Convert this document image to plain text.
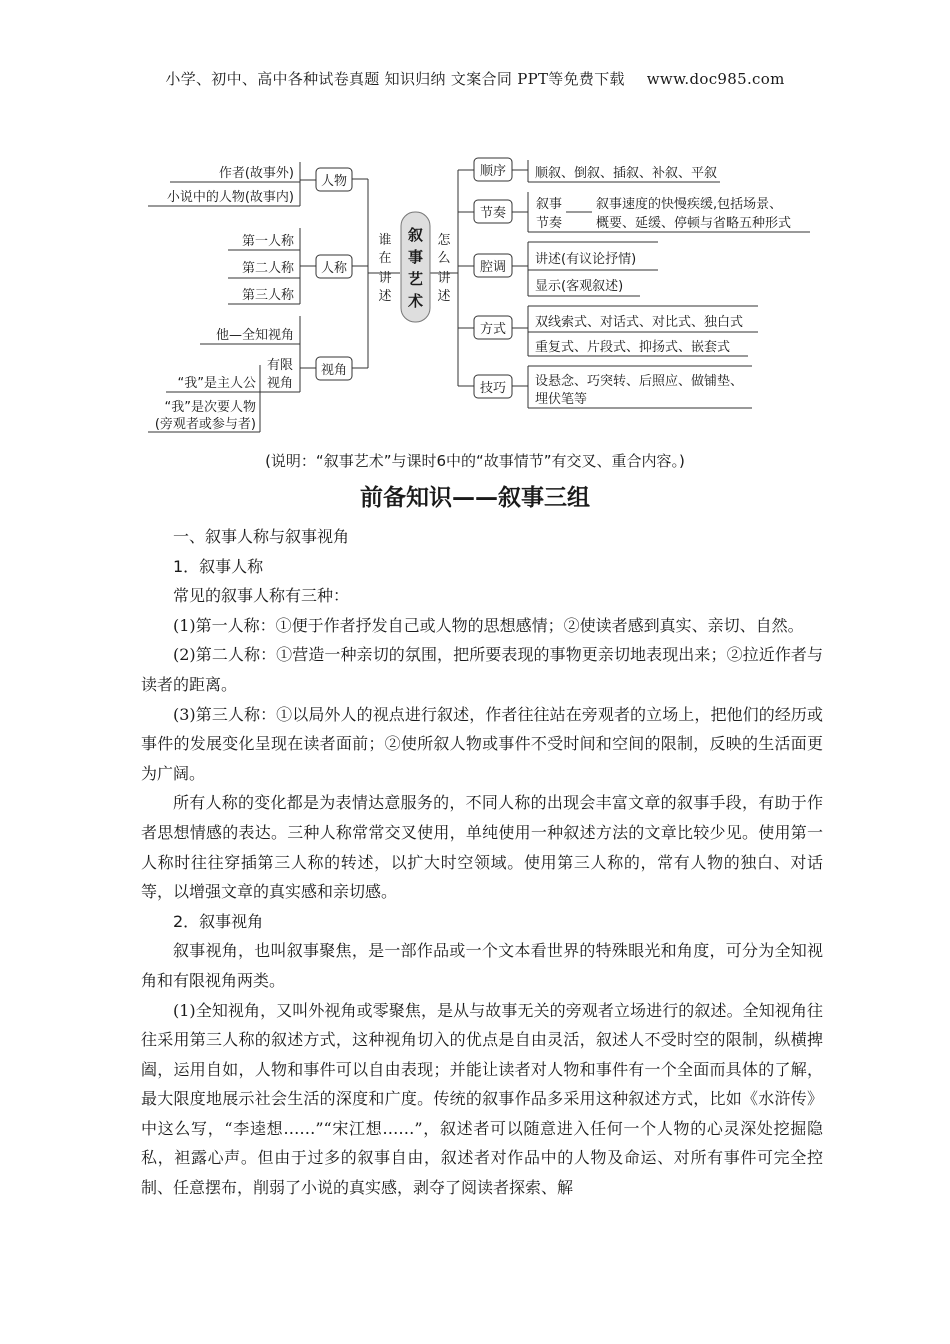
小学、初中、高中各种试卷真题 知识归纳 文案合同 PPT等免费下载 www.doc985.com
叙
事
艺
术
谁
在
讲
述
怎
么
讲
述
人物
作者(故事外)
小说中的人物(故事内)
人称
第一人称
第二人称
第三人称
视角
他—全知视角
有限
视角
“我”是主人公
“我”是次要人物
(旁观者或参与者)
顺序 顺叙、倒叙、插叙、补叙、平叙
节奏
叙事
节奏
叙事速度的快慢疾缓,包括场景、
概要、延缓、停顿与省略五种形式
腔调
讲述(有议论抒情)
显示(客观叙述)
方式 双线索式、对话式、对比式、独白式
重复式、片段式、抑扬式、嵌套式
技巧 设悬念、巧突转、后照应、做铺垫、
埋伏笔等
(说明：“叙事艺术”与课时6中的“故事情节”有交叉、重合内容。)
前备知识——叙事三组

一、叙事人称与叙事视角

1．叙事人称

常见的叙事人称有三种：

(1)第一人称：①便于作者抒发自己或人物的思想感情；②使读者感到真实、亲切、自然。

(2)第二人称：①营造一种亲切的氛围，把所要表现的事物更亲切地表现出来；②拉近作者与读者的距离。

(3)第三人称：①以局外人的视点进行叙述，作者往往站在旁观者的立场上，把他们的经历或事件的发展变化呈现在读者面前；②使所叙人物或事件不受时间和空间的限制，反映的生活面更为广阔。

所有人称的变化都是为表情达意服务的，不同人称的出现会丰富文章的叙事手段，有助于作者思想情感的表达。三种人称常常交叉使用，单纯使用一种叙述方法的文章比较少见。使用第一人称时往往穿插第三人称的转述，以扩大时空领域。使用第三人称的，常有人物的独白、对话等，以增强文章的真实感和亲切感。

2．叙事视角

叙事视角，也叫叙事聚焦，是一部作品或一个文本看世界的特殊眼光和角度，可分为全知视角和有限视角两类。

(1)全知视角，又叫外视角或零聚焦，是从与故事无关的旁观者立场进行的叙述。全知视角往往采用第三人称的叙述方式，这种视角切入的优点是自由灵活，叙述人不受时空的限制，纵横捭阖，运用自如，人物和事件可以自由表现；并能让读者对人物和事件有一个全面而具体的了解，最大限度地展示社会生活的深度和广度。传统的叙事作品多采用这种叙述方式，比如《水浒传》中这么写，“李逵想……”“宋江想……”，叙述者可以随意进入任何一个人物的心灵深处挖掘隐私，袒露心声。但由于过多的叙事自由，叙述者对作品中的人物及命运、对所有事件可完全控制、任意摆布，削弱了小说的真实感，剥夺了阅读者探索、解
